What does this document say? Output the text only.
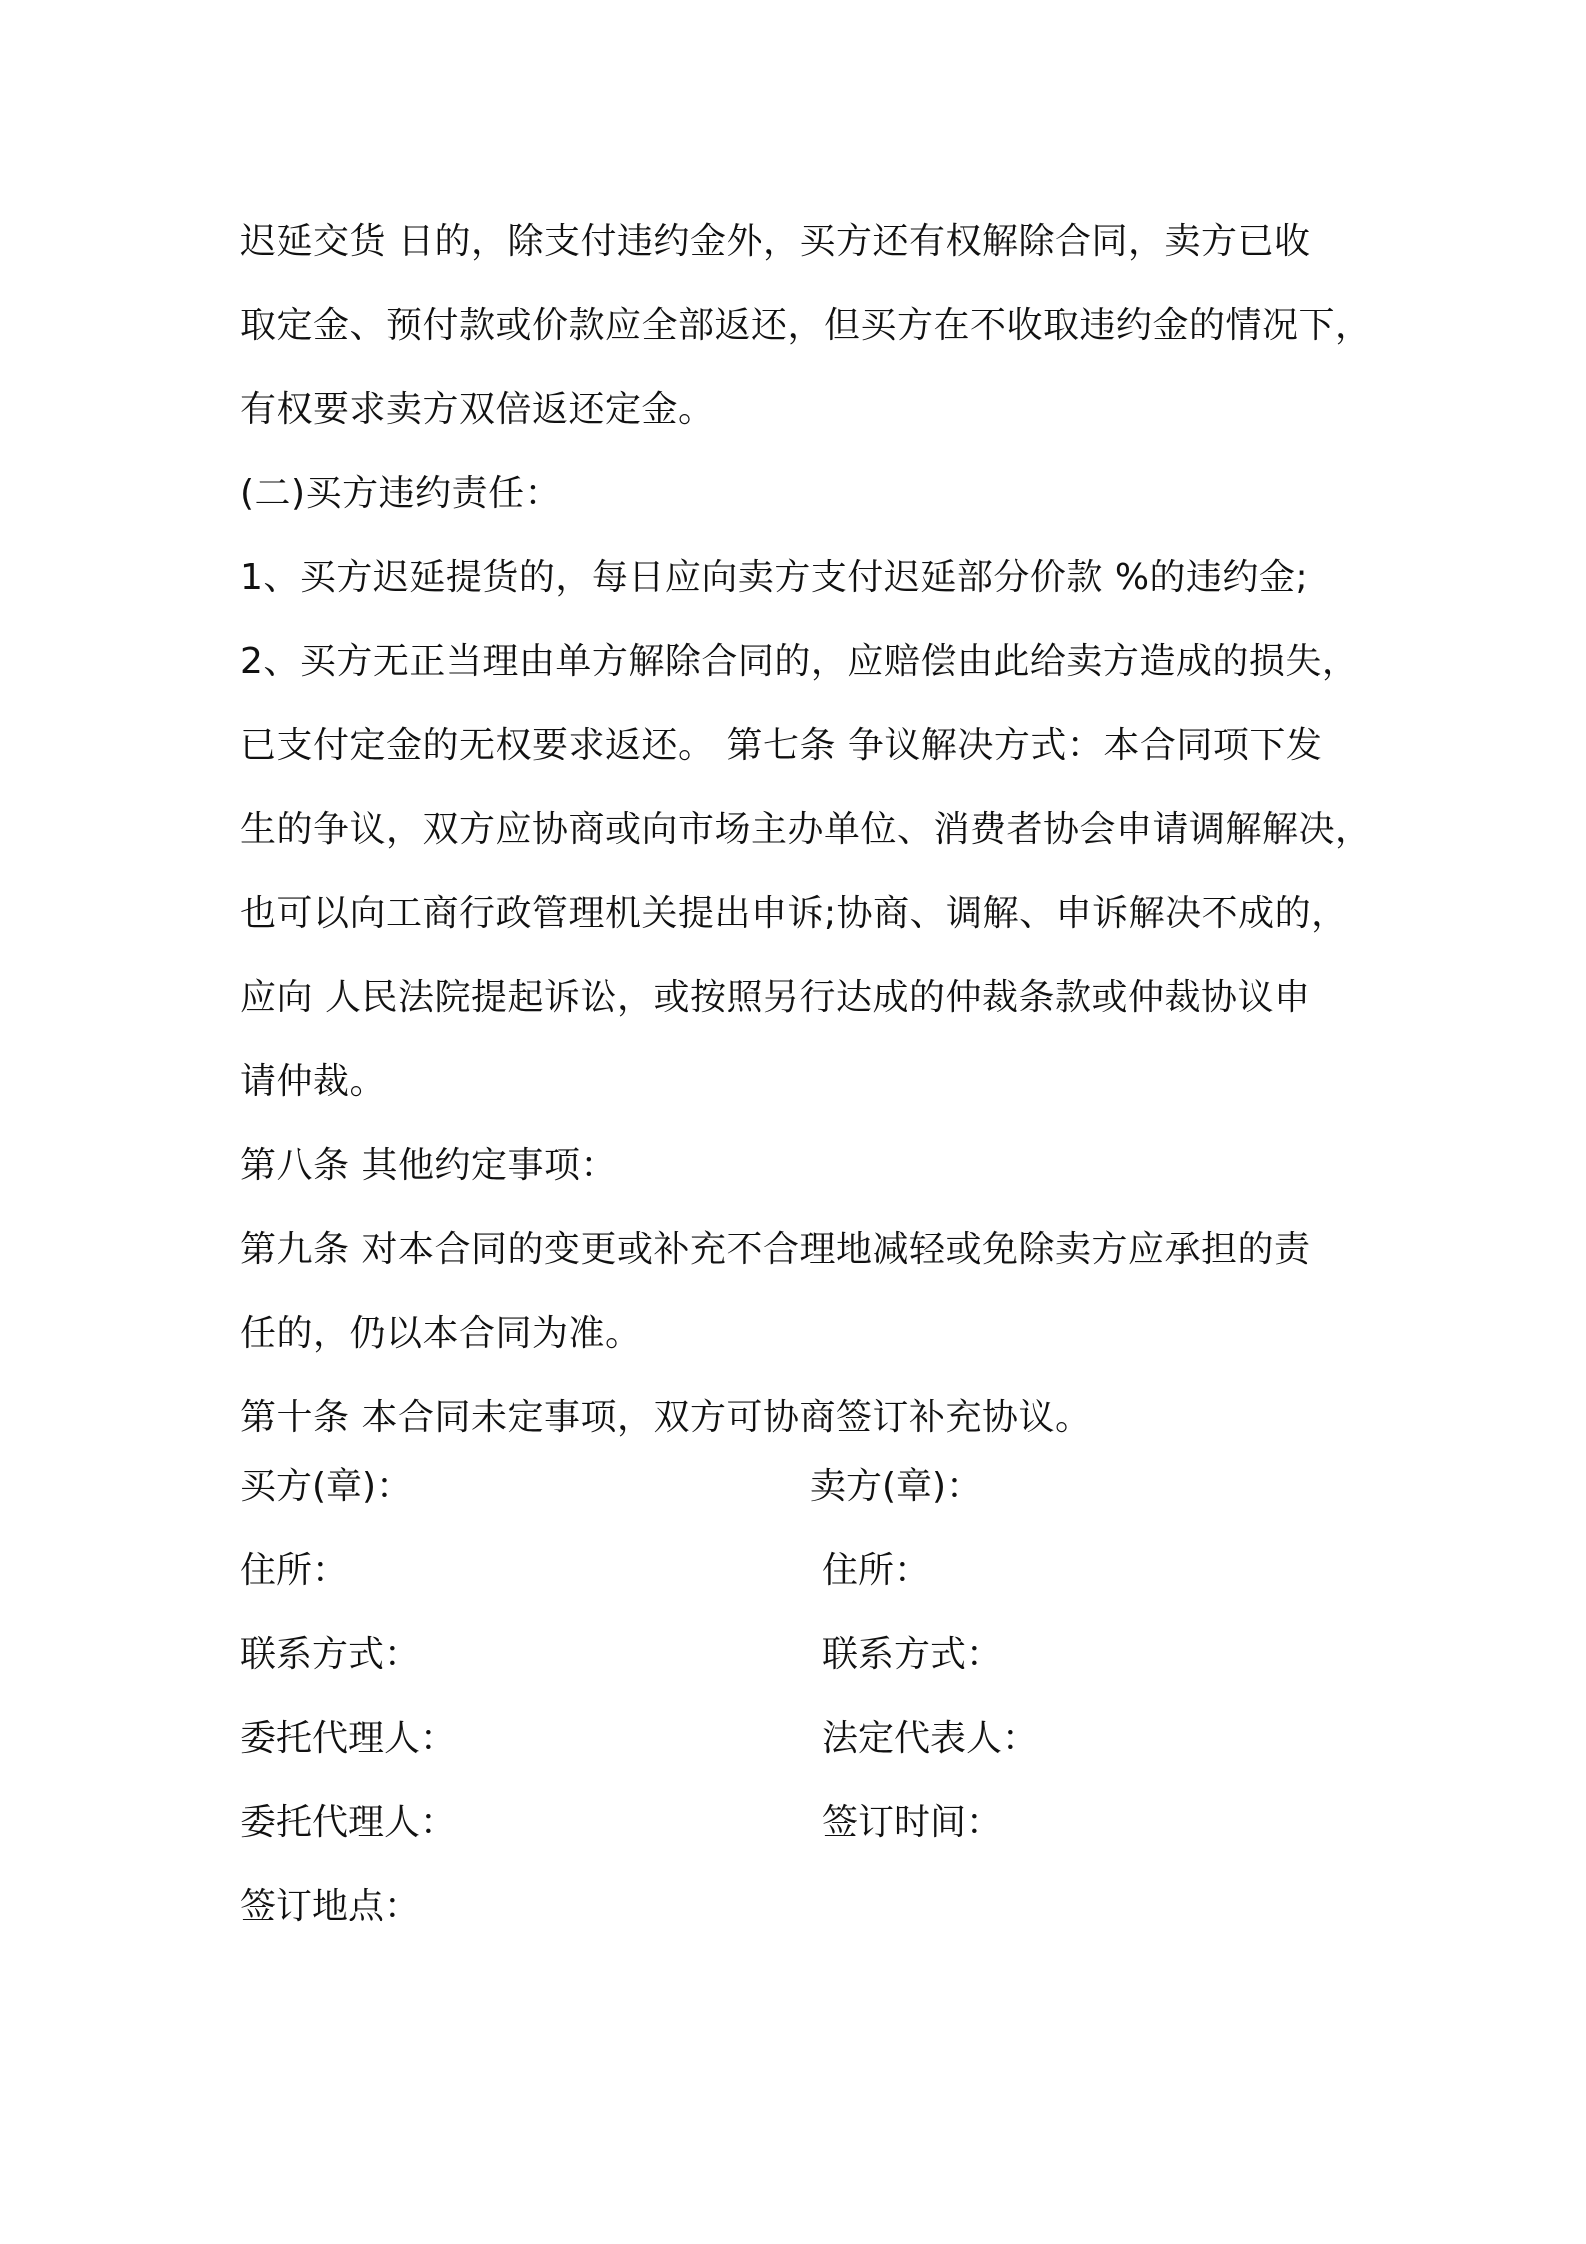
迟延交货 日的，除支付违约金外，买方还有权解除合同，卖方已收
取定金、预付款或价款应全部返还，但买方在不收取违约金的情况下，
有权要求卖方双倍返还定金。
(二)买方违约责任：
1、买方迟延提货的，每日应向卖方支付迟延部分价款 %的违约金;
2、买方无正当理由单方解除合同的，应赔偿由此给卖方造成的损失，
已支付定金的无权要求返还。 第七条 争议解决方式：本合同项下发
生的争议，双方应协商或向市场主办单位、消费者协会申请调解解决，
也可以向工商行政管理机关提出申诉;协商、调解、申诉解决不成的，
应向 人民法院提起诉讼，或按照另行达成的仲裁条款或仲裁协议申
请仲裁。
第八条 其他约定事项：
第九条 对本合同的变更或补充不合理地减轻或免除卖方应承担的责
任的，仍以本合同为准。
第十条 本合同未定事项，双方可协商签订补充协议。
买方(章)：	卖方(章)：
住所：	住所：
联系方式：	联系方式：
委托代理人：	法定代表人：
委托代理人：	签订时间：
签订地点：
